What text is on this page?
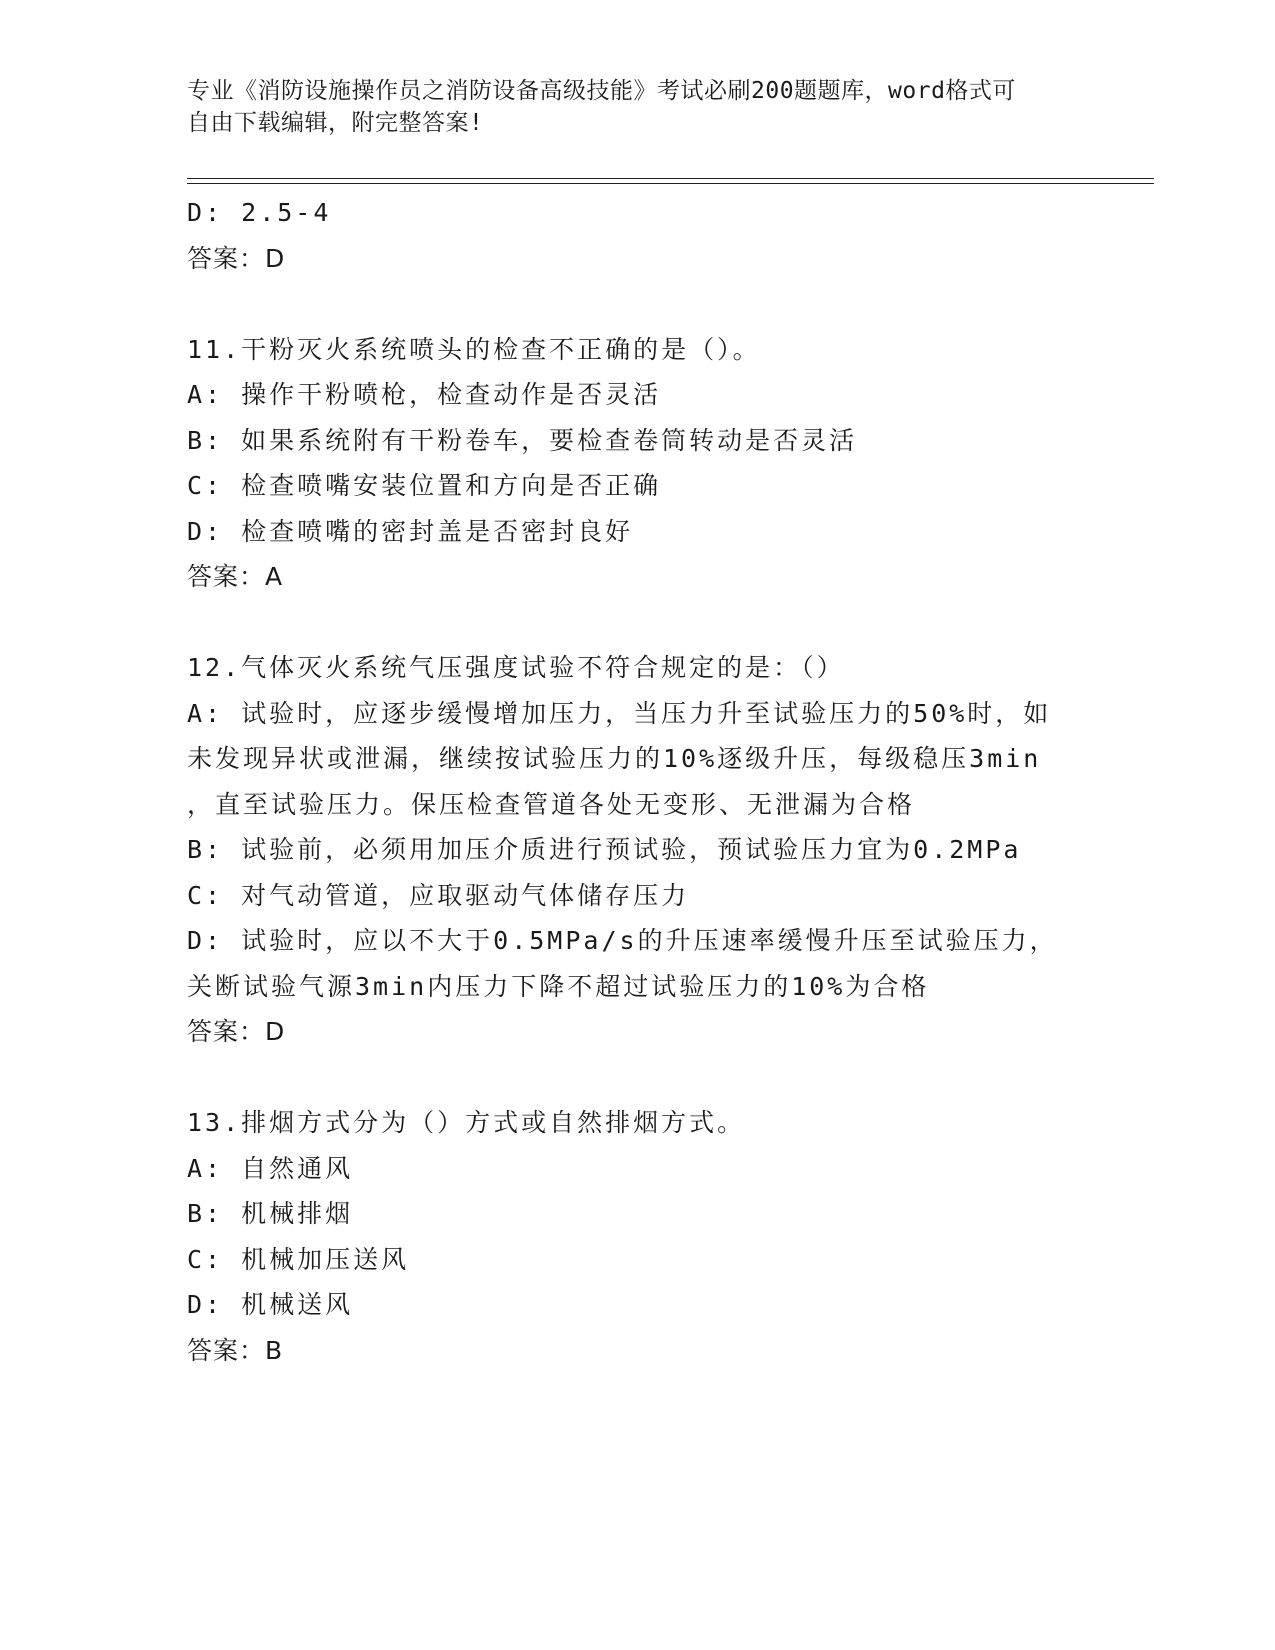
专业《消防设施操作员之消防设备高级技能》考试必刷200题题库，word格式可
自由下载编辑，附完整答案!
D: 2.5-4
答案：D
11.干粉灭火系统喷头的检查不正确的是（）。
A: 操作干粉喷枪，检查动作是否灵活
B: 如果系统附有干粉卷车，要检查卷筒转动是否灵活
C: 检查喷嘴安装位置和方向是否正确
D: 检查喷嘴的密封盖是否密封良好
答案：A
12.气体灭火系统气压强度试验不符合规定的是：（）
A: 试验时，应逐步缓慢增加压力，当压力升至试验压力的50%时，如
未发现异状或泄漏，继续按试验压力的10%逐级升压，每级稳压3min
，直至试验压力。保压检查管道各处无变形、无泄漏为合格
B: 试验前，必须用加压介质进行预试验，预试验压力宜为0.2MPa
C: 对气动管道，应取驱动气体储存压力
D: 试验时，应以不大于0.5MPa/s的升压速率缓慢升压至试验压力，
关断试验气源3min内压力下降不超过试验压力的10%为合格
答案：D
13.排烟方式分为（）方式或自然排烟方式。
A: 自然通风
B: 机械排烟
C: 机械加压送风
D: 机械送风
答案：B
